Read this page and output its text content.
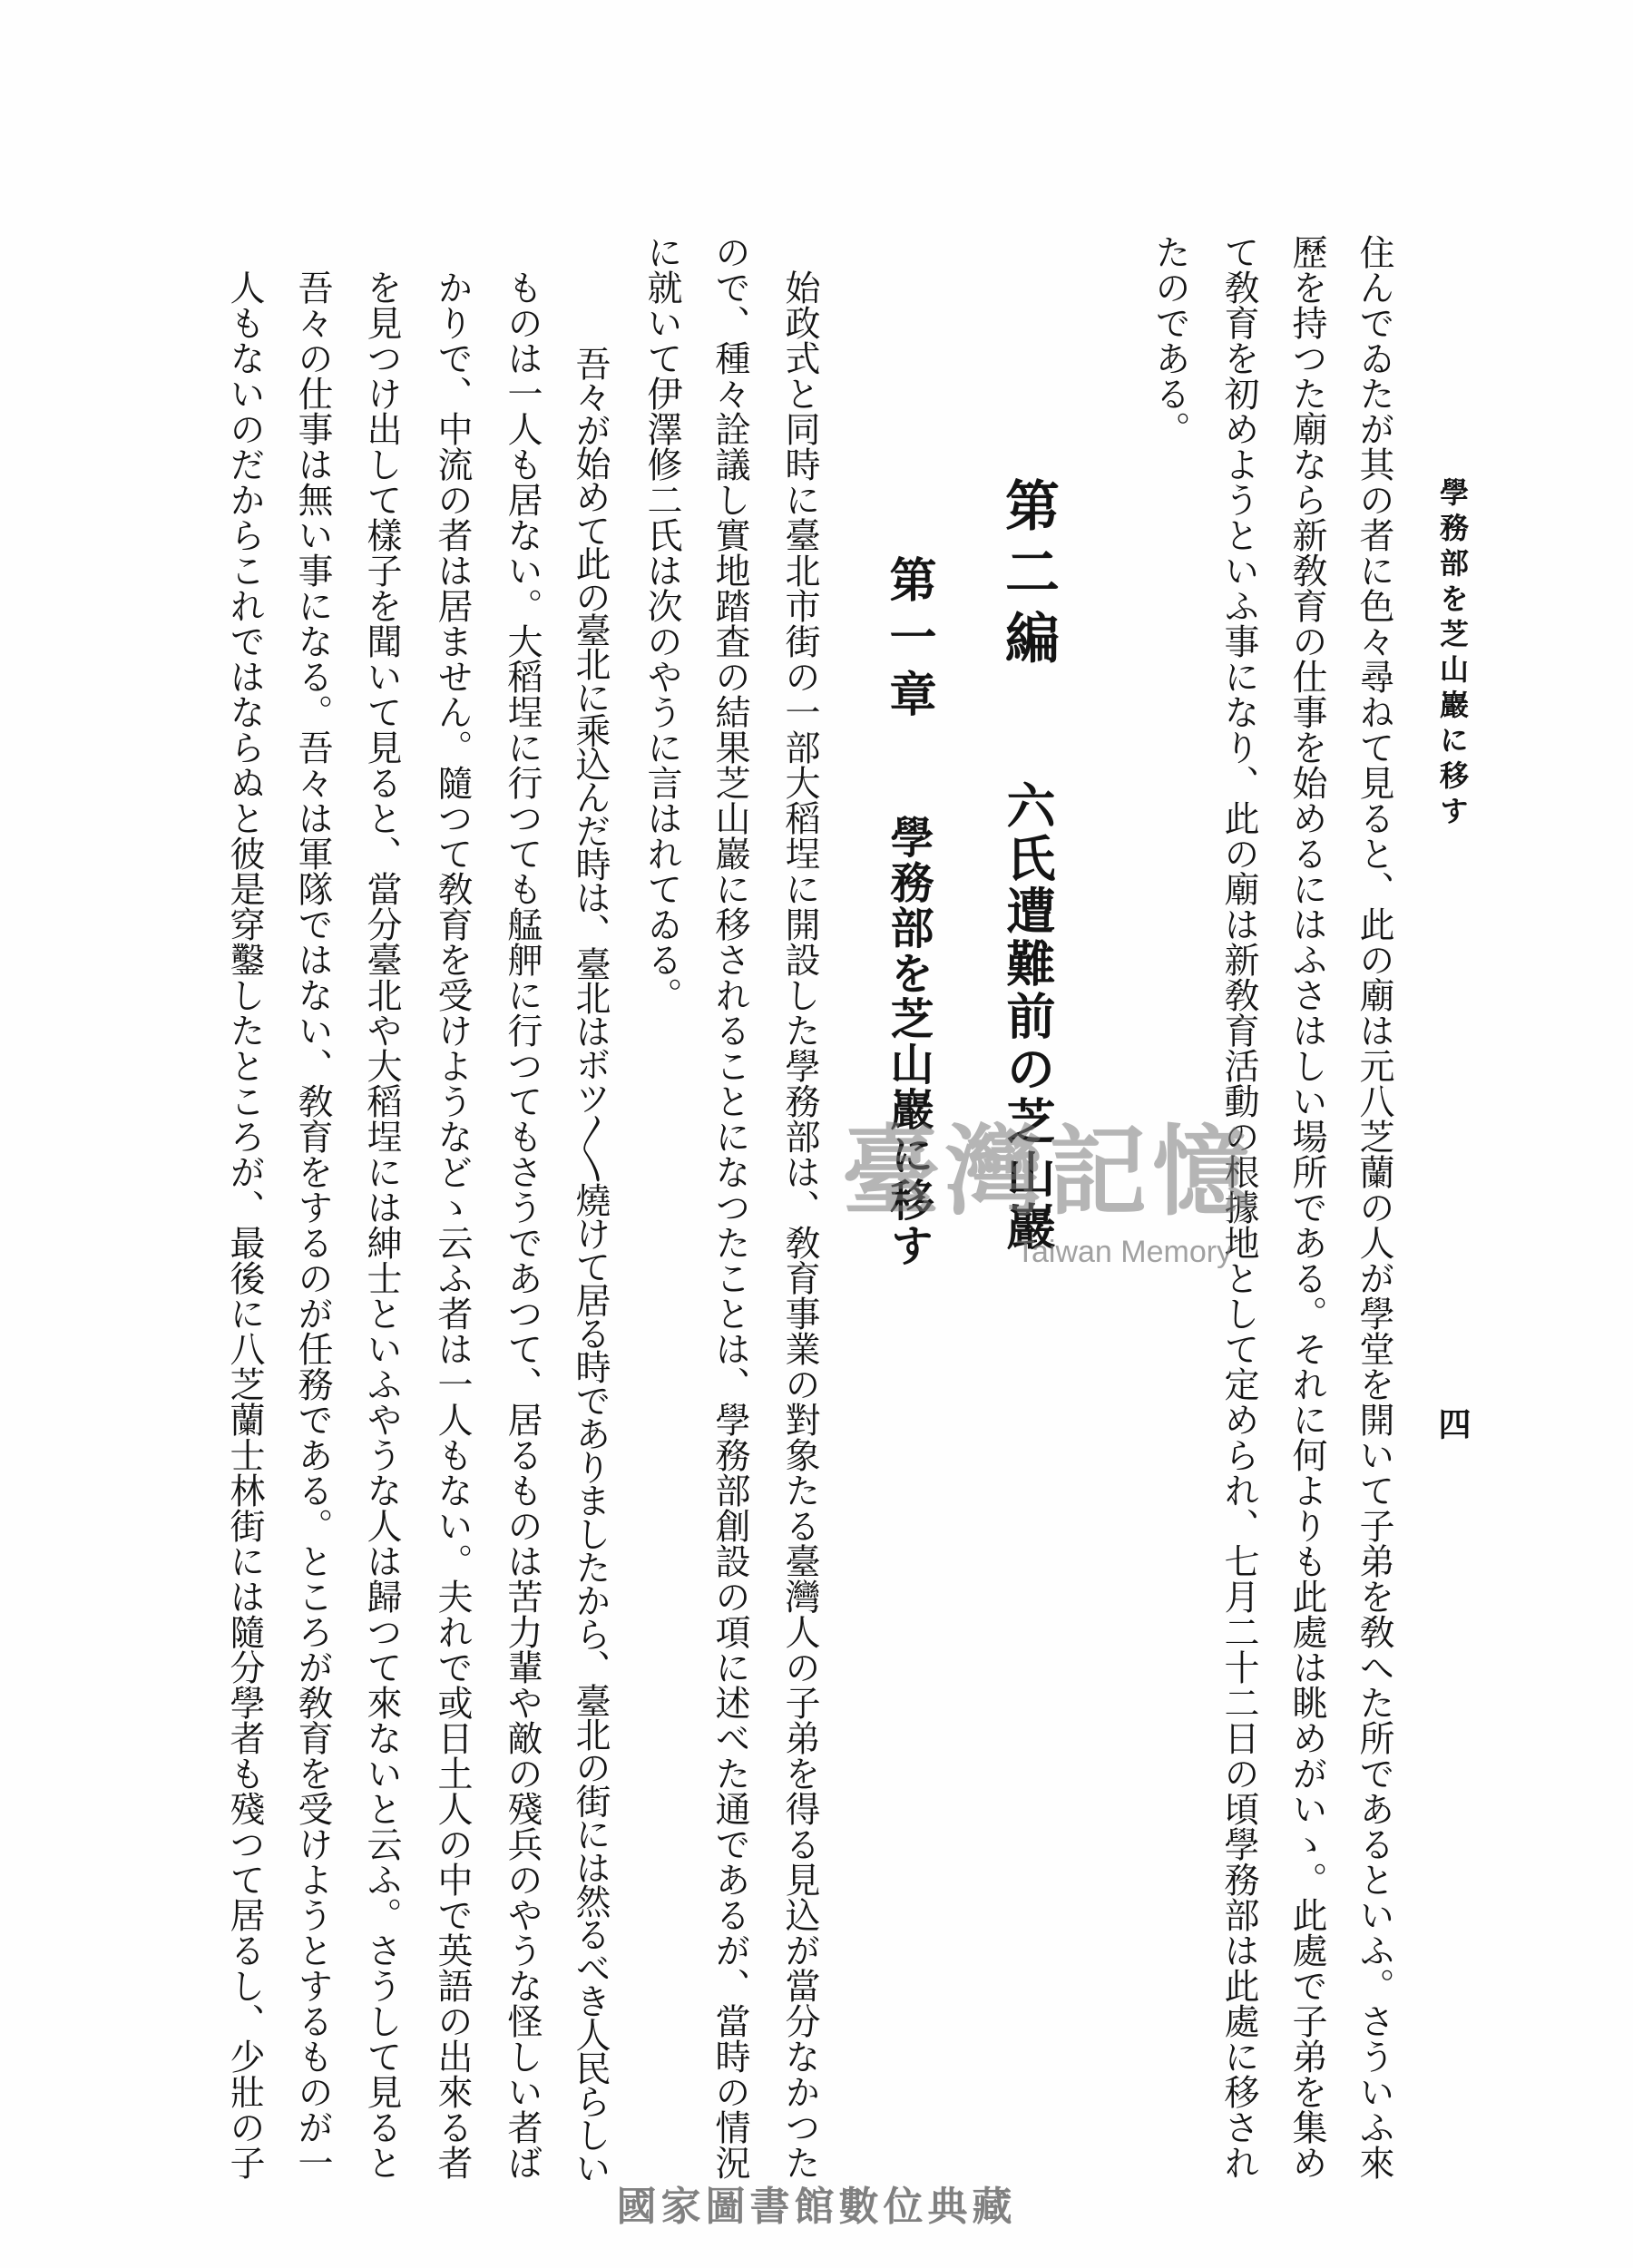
學務部を芝山巖に移す
四
住んでゐたが其の者に色々尋ねて見ると、此の廟は元八芝蘭の人が學堂を開いて子弟を敎へた所であるといふ。さういふ來
歷を持つた廟なら新敎育の仕事を始めるにはふさはしい場所である。それに何よりも此處は眺めがいゝ。此處で子弟を集め
て敎育を初めようといふ事になり、此の廟は新敎育活動の根據地として定められ、七月二十二日の頃學務部は此處に移され
たのである。
第二編
六氏遭難前の芝山巖
第一章
學務部を芝山巖に移す
始政式と同時に臺北市街の一部大稻埕に開設した學務部は、敎育事業の對象たる臺灣人の子弟を得る見込が當分なかつた
ので、種々詮議し實地踏査の結果芝山巖に移されることになつたことは、學務部創設の項に述べた通であるが、當時の情況
に就いて伊澤修二氏は次のやうに言はれてゐる。
吾々が始めて此の臺北に乘込んだ時は、臺北はボツ〳〵燒けて居る時でありましたから、臺北の街には然るべき人民らしい
ものは一人も居ない。大稻埕に行つても艋舺に行つてもさうであつて、居るものは苦力輩や敵の殘兵のやうな怪しい者ば
かりで、中流の者は居ません。隨つて敎育を受けようなどゝ云ふ者は一人もない。夫れで或日土人の中で英語の出來る者
を見つけ出して樣子を聞いて見ると、當分臺北や大稻埕には紳士といふやうな人は歸つて來ないと云ふ。さうして見ると
吾々の仕事は無い事になる。吾々は軍隊ではない、敎育をするのが任務である。ところが敎育を受けようとするものが一
人もないのだからこれではならぬと彼是穿鑿したところが、最後に八芝蘭士林街には隨分學者も殘つて居るし、少壯の子	臺灣記憶
Taiwan Memory
國家圖書館數位典藏
